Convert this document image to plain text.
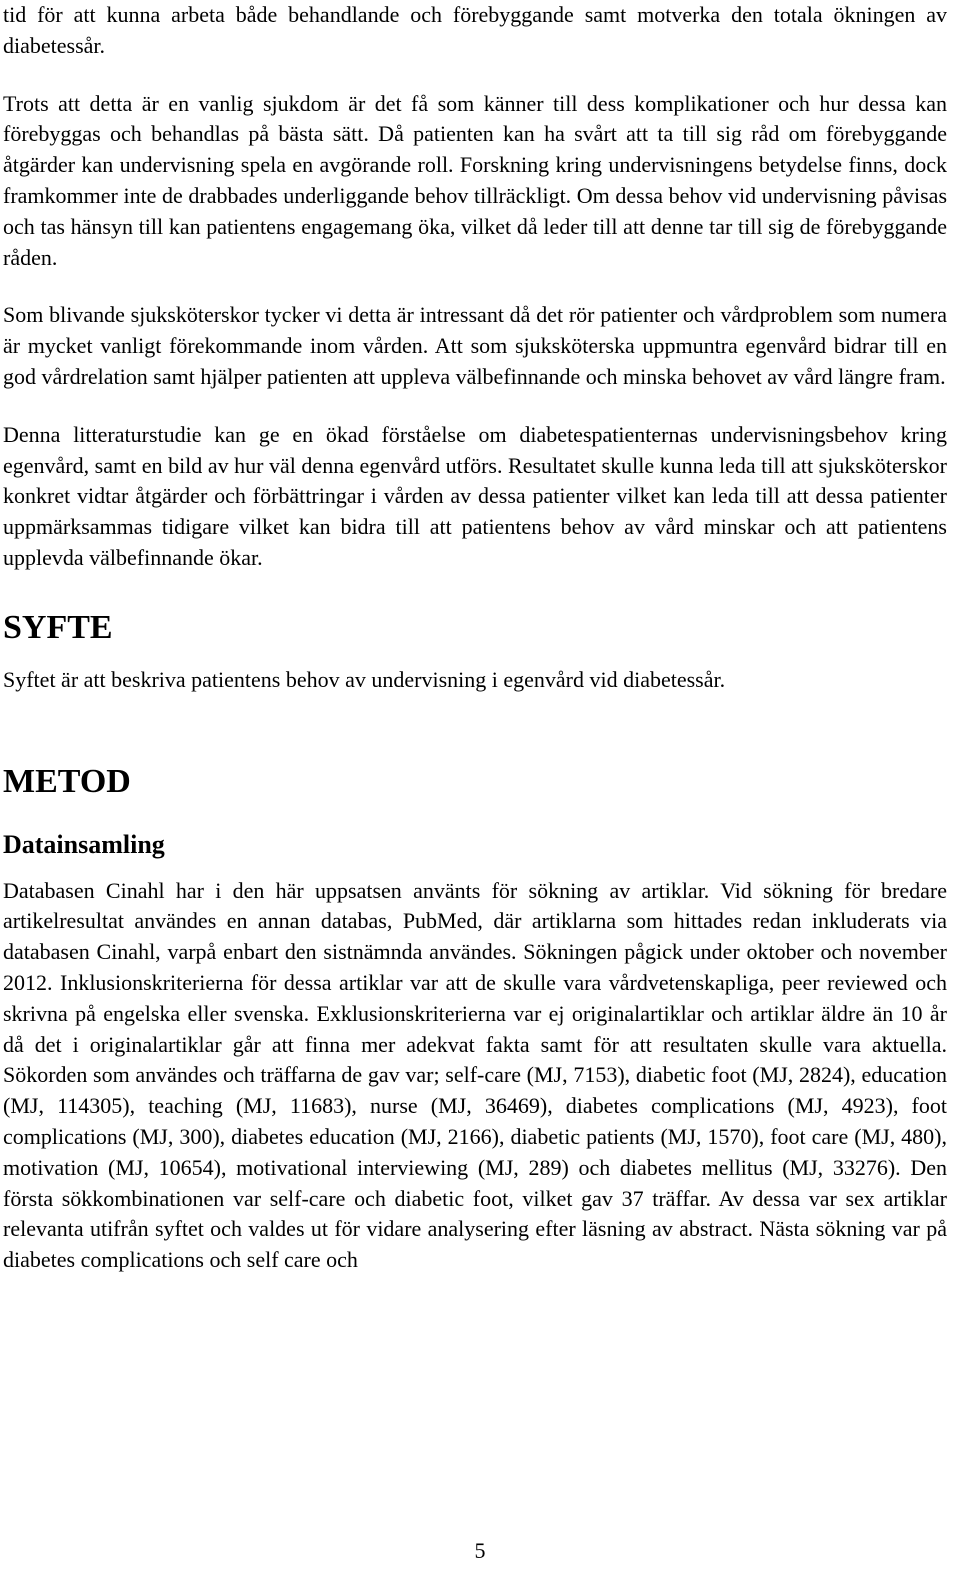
tid för att kunna arbeta både behandlande och förebyggande samt motverka den totala ökningen av diabetessår.

Trots att detta är en vanlig sjukdom är det få som känner till dess komplikationer och hur dessa kan förebyggas och behandlas på bästa sätt. Då patienten kan ha svårt att ta till sig råd om förebyggande åtgärder kan undervisning spela en avgörande roll. Forskning kring undervisningens betydelse finns, dock framkommer inte de drabbades underliggande behov tillräckligt. Om dessa behov vid undervisning påvisas och tas hänsyn till kan patientens engagemang öka, vilket då leder till att denne tar till sig de förebyggande råden.

Som blivande sjuksköterskor tycker vi detta är intressant då det rör patienter och vårdproblem som numera är mycket vanligt förekommande inom vården. Att som sjuksköterska uppmuntra egenvård bidrar till en god vårdrelation samt hjälper patienten att uppleva välbefinnande och minska behovet av vård längre fram.

Denna litteraturstudie kan ge en ökad förståelse om diabetespatienternas undervisningsbehov kring egenvård, samt en bild av hur väl denna egenvård utförs. Resultatet skulle kunna leda till att sjuksköterskor konkret vidtar åtgärder och förbättringar i vården av dessa patienter vilket kan leda till att dessa patienter uppmärksammas tidigare vilket kan bidra till att patientens behov av vård minskar och att patientens upplevda välbefinnande ökar.

SYFTE

Syftet är att beskriva patientens behov av undervisning i egenvård vid diabetessår.

METOD
Datainsamling

Databasen Cinahl har i den här uppsatsen använts för sökning av artiklar. Vid sökning för bredare artikelresultat användes en annan databas, PubMed, där artiklarna som hittades redan inkluderats via databasen Cinahl, varpå enbart den sistnämnda användes. Sökningen pågick under oktober och november 2012. Inklusionskriterierna för dessa artiklar var att de skulle vara vårdvetenskapliga, peer reviewed och skrivna på engelska eller svenska. Exklusionskriterierna var ej originalartiklar och artiklar äldre än 10 år då det i originalartiklar går att finna mer adekvat fakta samt för att resultaten skulle vara aktuella. Sökorden som användes och träffarna de gav var; self-care (MJ, 7153), diabetic foot (MJ, 2824), education (MJ, 114305), teaching (MJ, 11683), nurse (MJ, 36469), diabetes complications (MJ, 4923), foot complications (MJ, 300), diabetes education (MJ, 2166), diabetic patients (MJ, 1570), foot care (MJ, 480), motivation (MJ, 10654), motivational interviewing (MJ, 289) och diabetes mellitus (MJ, 33276). Den första sökkombinationen var self-care och diabetic foot, vilket gav 37 träffar. Av dessa var sex artiklar relevanta utifrån syftet och valdes ut för vidare analysering efter läsning av abstract. Nästa sökning var på diabetes complications och self care och

5
